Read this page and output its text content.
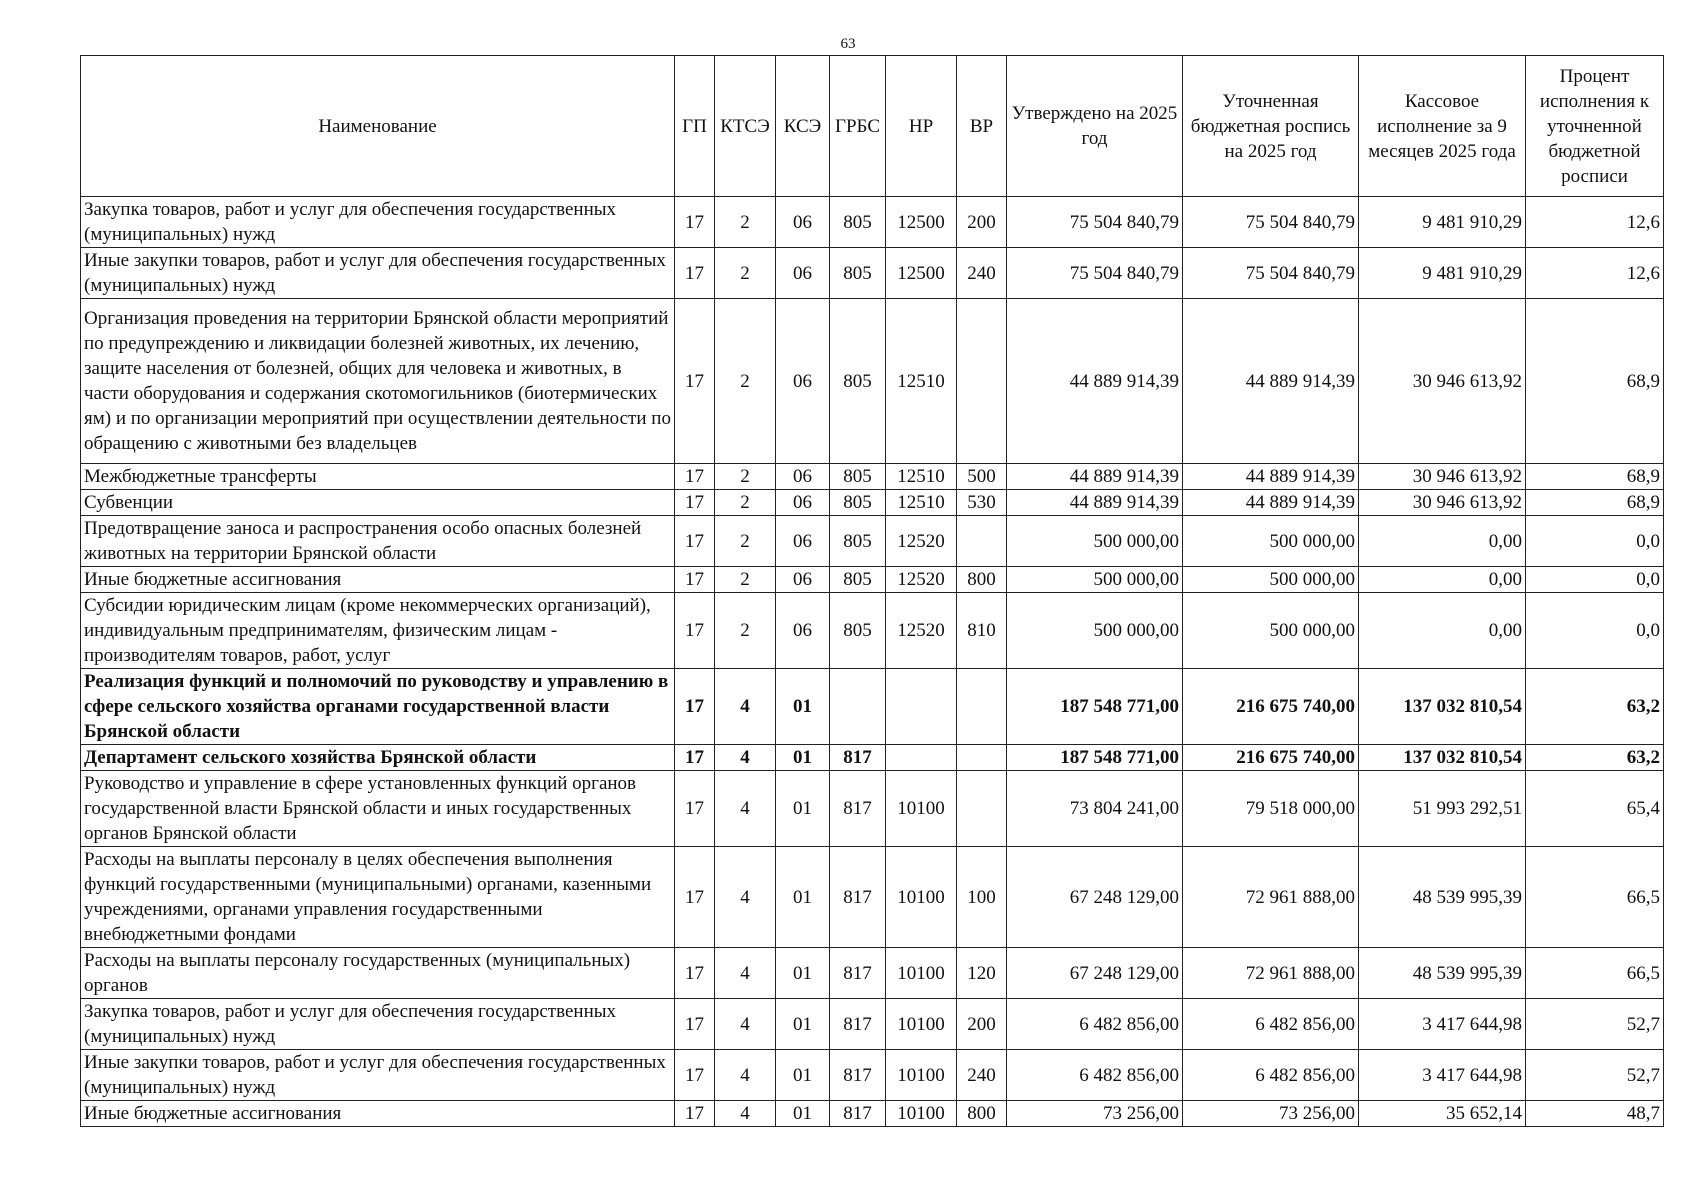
63
Наименование	ГП	КТСЭ	КСЭ	ГРБС	НР	ВР	Утверждено на 2025 год	Уточненная бюджетная роспись на 2025 год	Кассовое исполнение за 9 месяцев 2025 года	Процент исполнения к уточненной бюджетной росписи
Закупка товаров, работ и услуг для обеспечения государственных (муниципальных) нужд	17	2	06	805	12500	200	75 504 840,79	75 504 840,79	9 481 910,29	12,6
Иные закупки товаров, работ и услуг для обеспечения государственных (муниципальных) нужд	17	2	06	805	12500	240	75 504 840,79	75 504 840,79	9 481 910,29	12,6
Организация проведения на территории Брянской области мероприятий по предупреждению и ликвидации болезней животных, их лечению, защите населения от болезней, общих для человека и животных, в части оборудования и содержания скотомогильников (биотермических ям) и по организации мероприятий при осуществлении деятельности по обращению с животными без владельцев	17	2	06	805	12510		44 889 914,39	44 889 914,39	30 946 613,92	68,9
Межбюджетные трансферты	17	2	06	805	12510	500	44 889 914,39	44 889 914,39	30 946 613,92	68,9
Субвенции	17	2	06	805	12510	530	44 889 914,39	44 889 914,39	30 946 613,92	68,9
Предотвращение заноса и распространения особо опасных болезней животных на территории Брянской области	17	2	06	805	12520		500 000,00	500 000,00	0,00	0,0
Иные бюджетные ассигнования	17	2	06	805	12520	800	500 000,00	500 000,00	0,00	0,0
Субсидии юридическим лицам (кроме некоммерческих организаций), индивидуальным предпринимателям, физическим лицам - производителям товаров, работ, услуг	17	2	06	805	12520	810	500 000,00	500 000,00	0,00	0,0
Реализация функций и полномочий по руководству и управлению в сфере сельского хозяйства органами государственной власти Брянской области	17	4	01				187 548 771,00	216 675 740,00	137 032 810,54	63,2
Департамент сельского хозяйства Брянской области	17	4	01	817			187 548 771,00	216 675 740,00	137 032 810,54	63,2
Руководство и управление в сфере установленных функций органов государственной власти Брянской области и иных государственных органов Брянской области	17	4	01	817	10100		73 804 241,00	79 518 000,00	51 993 292,51	65,4
Расходы на выплаты персоналу в целях обеспечения выполнения функций государственными (муниципальными) органами, казенными учреждениями, органами управления государственными внебюджетными фондами	17	4	01	817	10100	100	67 248 129,00	72 961 888,00	48 539 995,39	66,5
Расходы на выплаты персоналу государственных (муниципальных) органов	17	4	01	817	10100	120	67 248 129,00	72 961 888,00	48 539 995,39	66,5
Закупка товаров, работ и услуг для обеспечения государственных (муниципальных) нужд	17	4	01	817	10100	200	6 482 856,00	6 482 856,00	3 417 644,98	52,7
Иные закупки товаров, работ и услуг для обеспечения государственных (муниципальных) нужд	17	4	01	817	10100	240	6 482 856,00	6 482 856,00	3 417 644,98	52,7
Иные бюджетные ассигнования	17	4	01	817	10100	800	73 256,00	73 256,00	35 652,14	48,7
